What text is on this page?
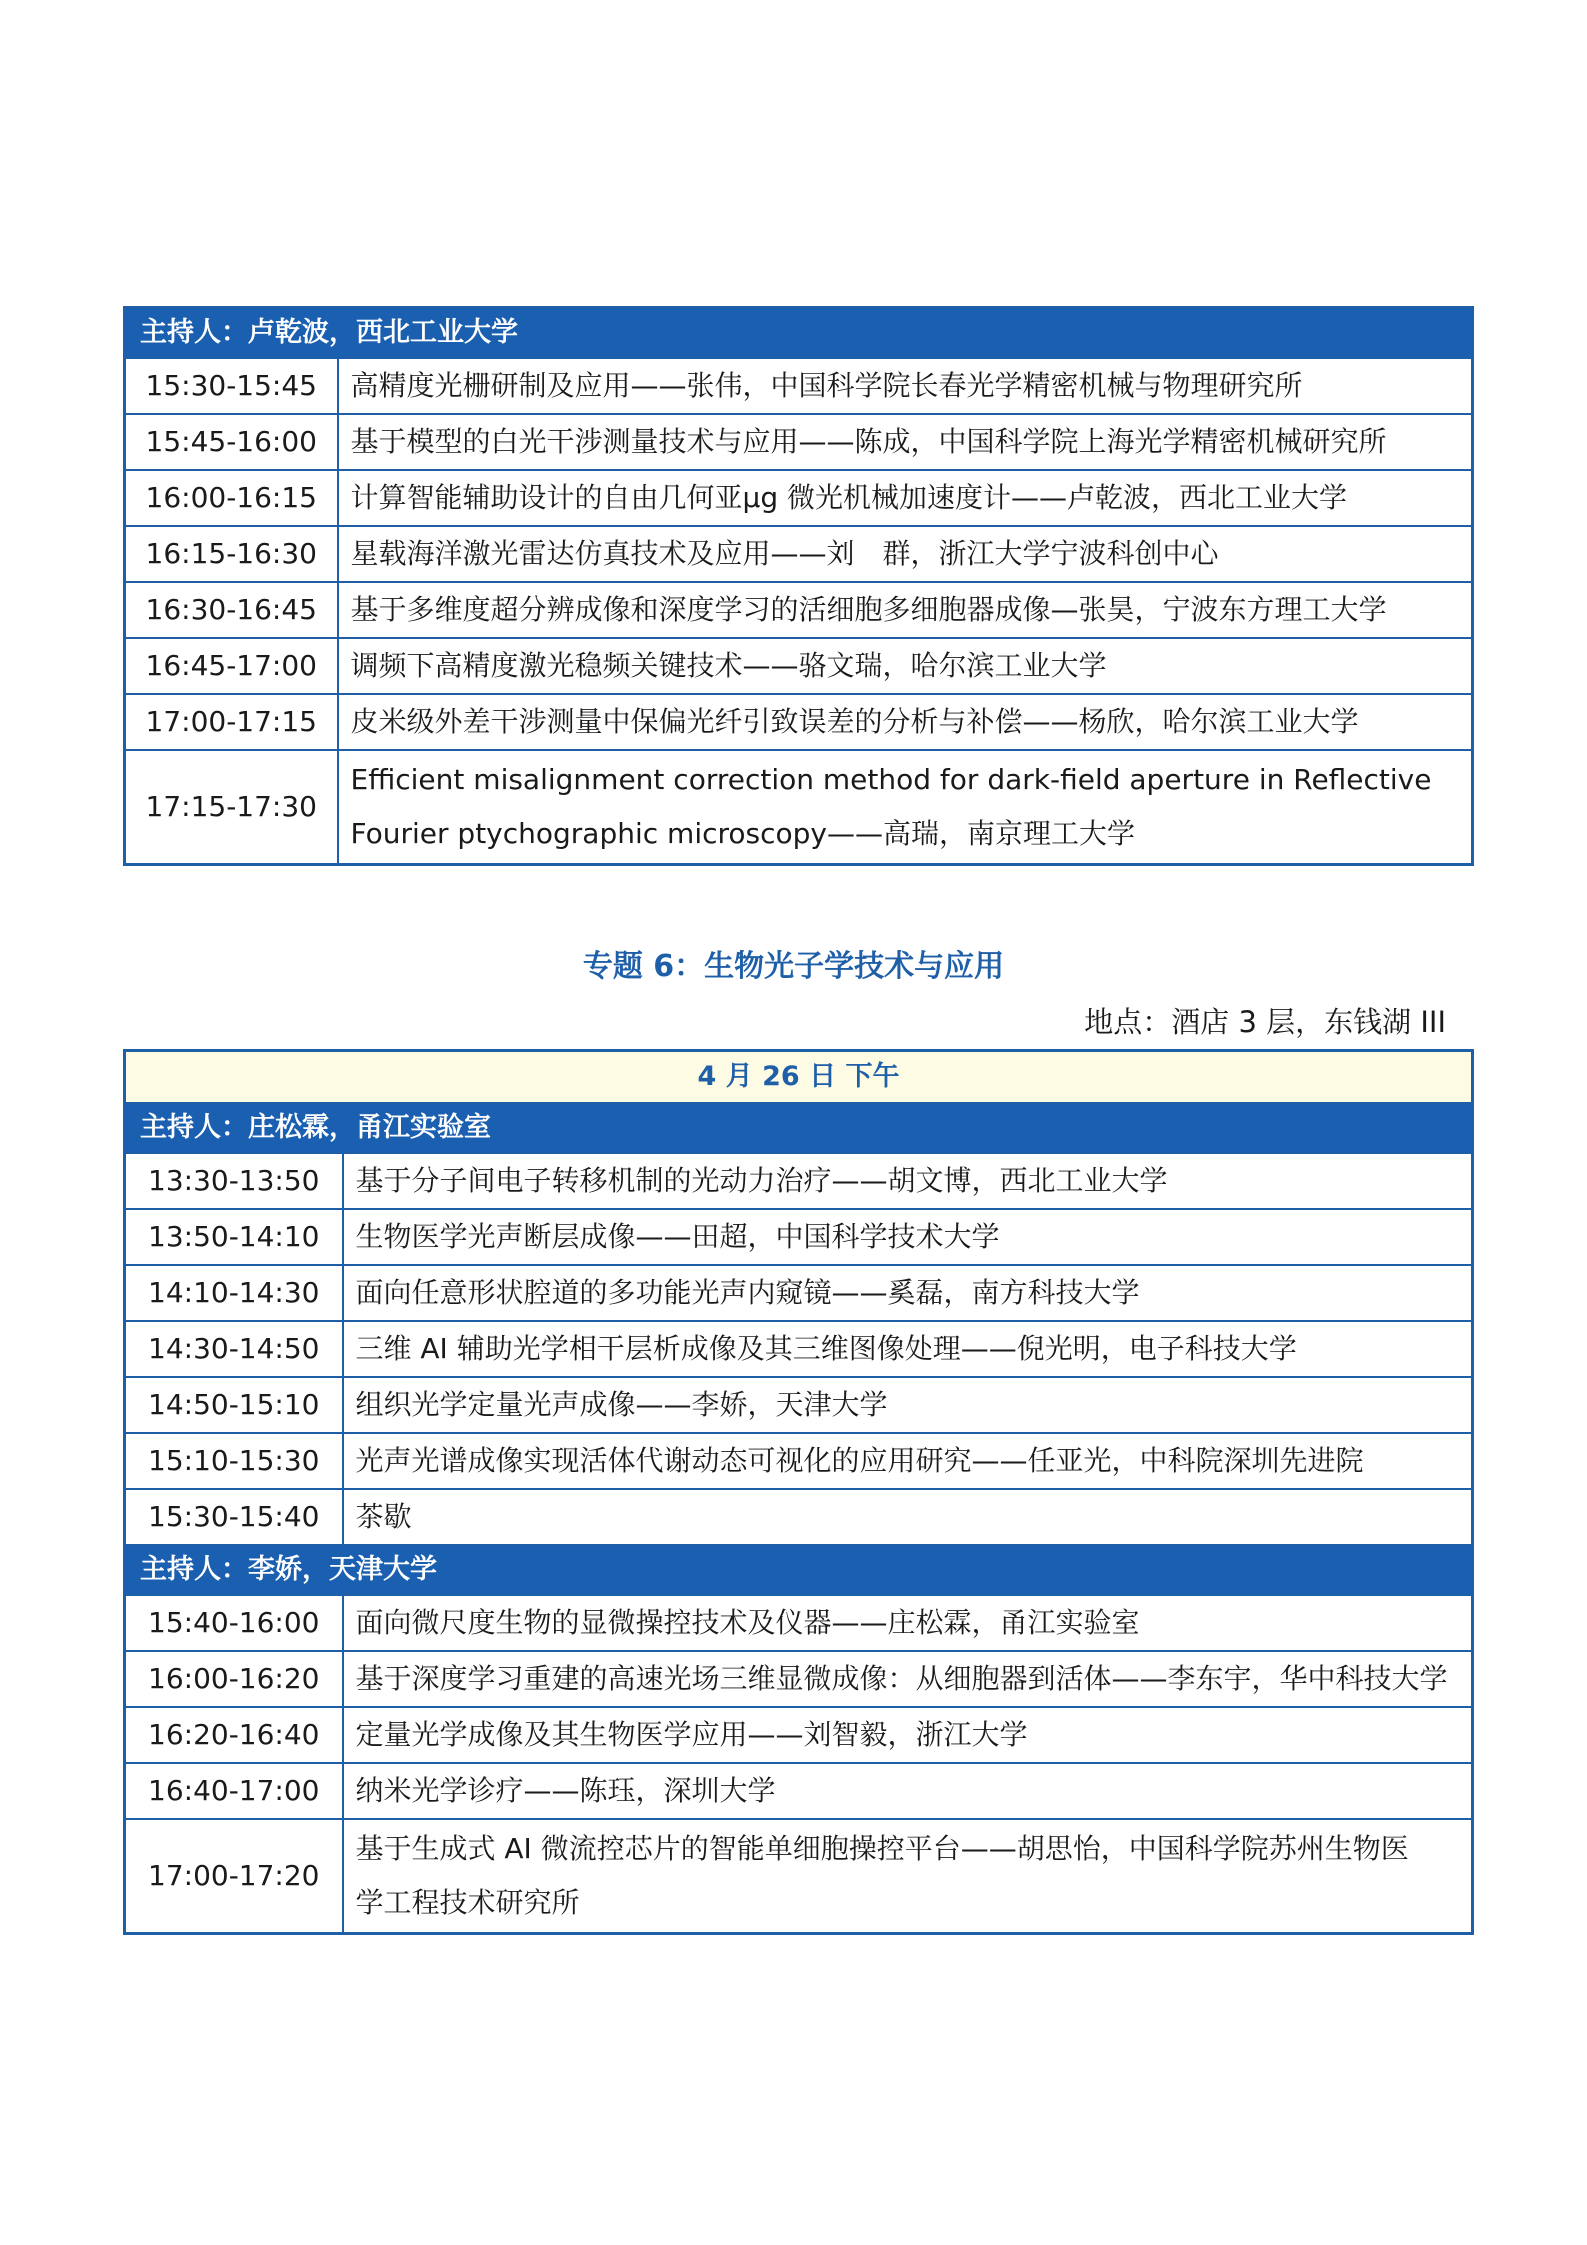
主持人：卢乾波，西北工业大学	
15:30-15:45	高精度光栅研制及应用——张伟，中国科学院长春光学精密机械与物理研究所
15:45-16:00	基于模型的白光干涉测量技术与应用——陈成，中国科学院上海光学精密机械研究所
16:00-16:15	计算智能辅助设计的自由几何亚μg 微光机械加速度计——卢乾波，西北工业大学
16:15-16:30	星载海洋激光雷达仿真技术及应用——刘　群，浙江大学宁波科创中心
16:30-16:45	基于多维度超分辨成像和深度学习的活细胞多细胞器成像—张昊，宁波东方理工大学
16:45-17:00	调频下高精度激光稳频关键技术——骆文瑞，哈尔滨工业大学
17:00-17:15	皮米级外差干涉测量中保偏光纤引致误差的分析与补偿——杨欣，哈尔滨工业大学
17:15-17:30	Efficient misalignment correction method for dark-field aperture in Reflective
Fourier ptychographic microscopy——高瑞，南京理工大学
专题 6：生物光子学技术与应用
地点：酒店 3 层，东钱湖 III
4 月 26 日 下午	
主持人：庄松霖，甬江实验室	
13:30-13:50	基于分子间电子转移机制的光动力治疗——胡文博，西北工业大学
13:50-14:10	生物医学光声断层成像——田超，中国科学技术大学
14:10-14:30	面向任意形状腔道的多功能光声内窥镜——奚磊，南方科技大学
14:30-14:50	三维 AI 辅助光学相干层析成像及其三维图像处理——倪光明，电子科技大学
14:50-15:10	组织光学定量光声成像——李娇，天津大学
15:10-15:30	光声光谱成像实现活体代谢动态可视化的应用研究——任亚光，中科院深圳先进院
15:30-15:40	茶歇
主持人：李娇，天津大学	
15:40-16:00	面向微尺度生物的显微操控技术及仪器——庄松霖，甬江实验室
16:00-16:20	基于深度学习重建的高速光场三维显微成像：从细胞器到活体——李东宇，华中科技大学
16:20-16:40	定量光学成像及其生物医学应用——刘智毅，浙江大学
16:40-17:00	纳米光学诊疗——陈珏，深圳大学
17:00-17:20	基于生成式 AI 微流控芯片的智能单细胞操控平台——胡思怡，中国科学院苏州生物医
学工程技术研究所
